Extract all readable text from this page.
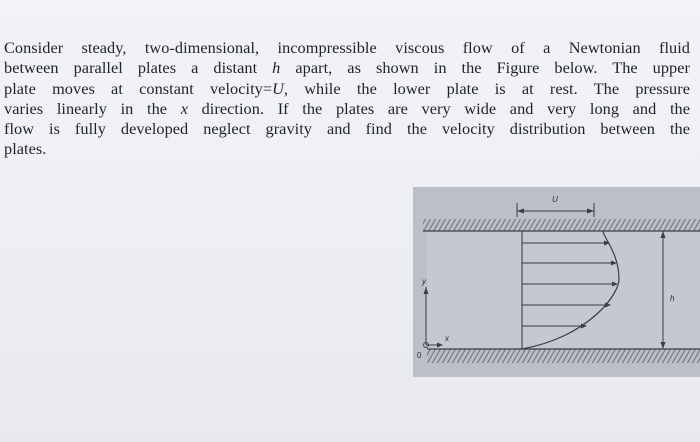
Consider steady, two-dimensional, incompressible viscous flow of a Newtonian fluid
between parallel plates a distant h apart, as shown in the Figure below. The upper
plate moves at constant velocity=U, while the lower plate is at rest. The pressure
varies linearly in the x direction. If the plates are very wide and very long and the
flow is fully developed neglect gravity and find the velocity distribution between the
plates.
U
h
y
x
0
